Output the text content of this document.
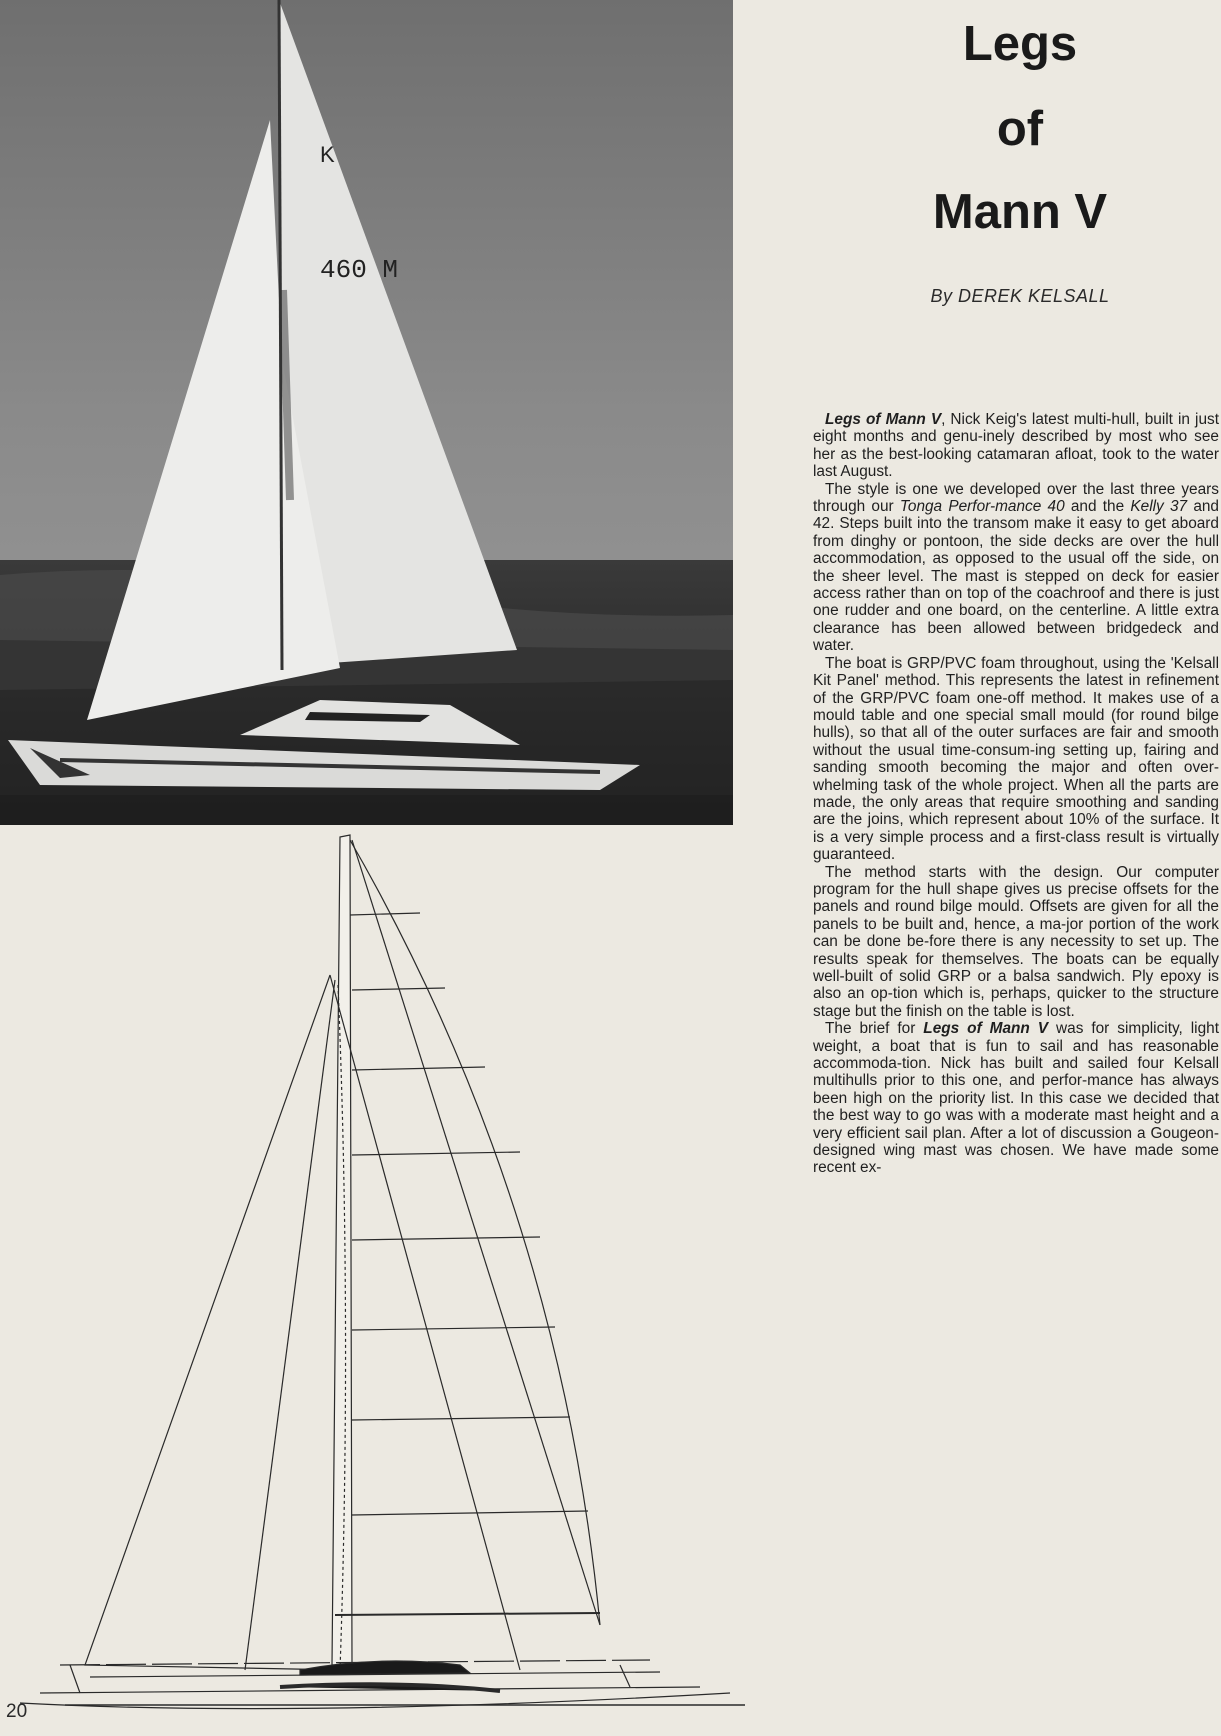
K
460 M
20
Legs
of
Mann V
By DEREK KELSALL

Legs of Mann V, Nick Keig's latest multi-hull, built in just eight months and genu-inely described by most who see her as the best-looking catamaran afloat, took to the water last August.

The style is one we developed over the last three years through our Tonga Perfor-mance 40 and the Kelly 37 and 42. Steps built into the transom make it easy to get aboard from dinghy or pontoon, the side decks are over the hull accommodation, as opposed to the usual off the side, on the sheer level. The mast is stepped on deck for easier access rather than on top of the coachroof and there is just one rudder and one board, on the centerline. A little extra clearance has been allowed between bridgedeck and water.

The boat is GRP/PVC foam throughout, using the 'Kelsall Kit Panel' method. This represents the latest in refinement of the GRP/PVC foam one-off method. It makes use of a mould table and one special small mould (for round bilge hulls), so that all of the outer surfaces are fair and smooth without the usual time-consum-ing setting up, fairing and sanding smooth becoming the major and often over-whelming task of the whole project. When all the parts are made, the only areas that require smoothing and sanding are the joins, which represent about 10% of the surface. It is a very simple process and a first-class result is virtually guaranteed.

The method starts with the design. Our computer program for the hull shape gives us precise offsets for the panels and round bilge mould. Offsets are given for all the panels to be built and, hence, a ma-jor portion of the work can be done be-fore there is any necessity to set up. The results speak for themselves. The boats can be equally well-built of solid GRP or a balsa sandwich. Ply epoxy is also an op-tion which is, perhaps, quicker to the structure stage but the finish on the table is lost.

The brief for Legs of Mann V was for simplicity, light weight, a boat that is fun to sail and has reasonable accommoda-tion. Nick has built and sailed four Kelsall multihulls prior to this one, and perfor-mance has always been high on the priority list. In this case we decided that the best way to go was with a moderate mast height and a very efficient sail plan. After a lot of discussion a Gougeon-designed wing mast was chosen. We have made some recent ex-
